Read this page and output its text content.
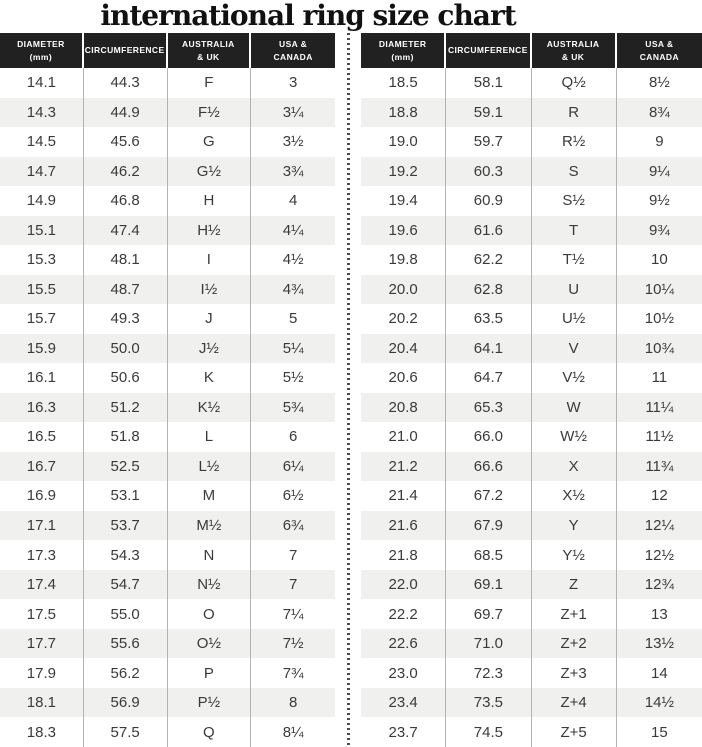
international ring size chart
DIAMETER
(mm)
CIRCUMFERENCE
AUSTRALIA
& UK
USA &
CANADA
14.1	44.3	F	3
14.3	44.9	F½	3¼
14.5	45.6	G	3½
14.7	46.2	G½	3¾
14.9	46.8	H	4
15.1	47.4	H½	4¼
15.3	48.1	I	4½
15.5	48.7	I½	4¾
15.7	49.3	J	5
15.9	50.0	J½	5¼
16.1	50.6	K	5½
16.3	51.2	K½	5¾
16.5	51.8	L	6
16.7	52.5	L½	6¼
16.9	53.1	M	6½
17.1	53.7	M½	6¾
17.3	54.3	N	7
17.4	54.7	N½	7
17.5	55.0	O	7¼
17.7	55.6	O½	7½
17.9	56.2	P	7¾
18.1	56.9	P½	8
18.3	57.5	Q	8¼
DIAMETER
(mm)
CIRCUMFERENCE
AUSTRALIA
& UK
USA &
CANADA
18.5	58.1	Q½	8½
18.8	59.1	R	8¾
19.0	59.7	R½	9
19.2	60.3	S	9¼
19.4	60.9	S½	9½
19.6	61.6	T	9¾
19.8	62.2	T½	10
20.0	62.8	U	10¼
20.2	63.5	U½	10½
20.4	64.1	V	10¾
20.6	64.7	V½	11
20.8	65.3	W	11¼
21.0	66.0	W½	11½
21.2	66.6	X	11¾
21.4	67.2	X½	12
21.6	67.9	Y	12¼
21.8	68.5	Y½	12½
22.0	69.1	Z	12¾
22.2	69.7	Z+1	13
22.6	71.0	Z+2	13½
23.0	72.3	Z+3	14
23.4	73.5	Z+4	14½
23.7	74.5	Z+5	15
